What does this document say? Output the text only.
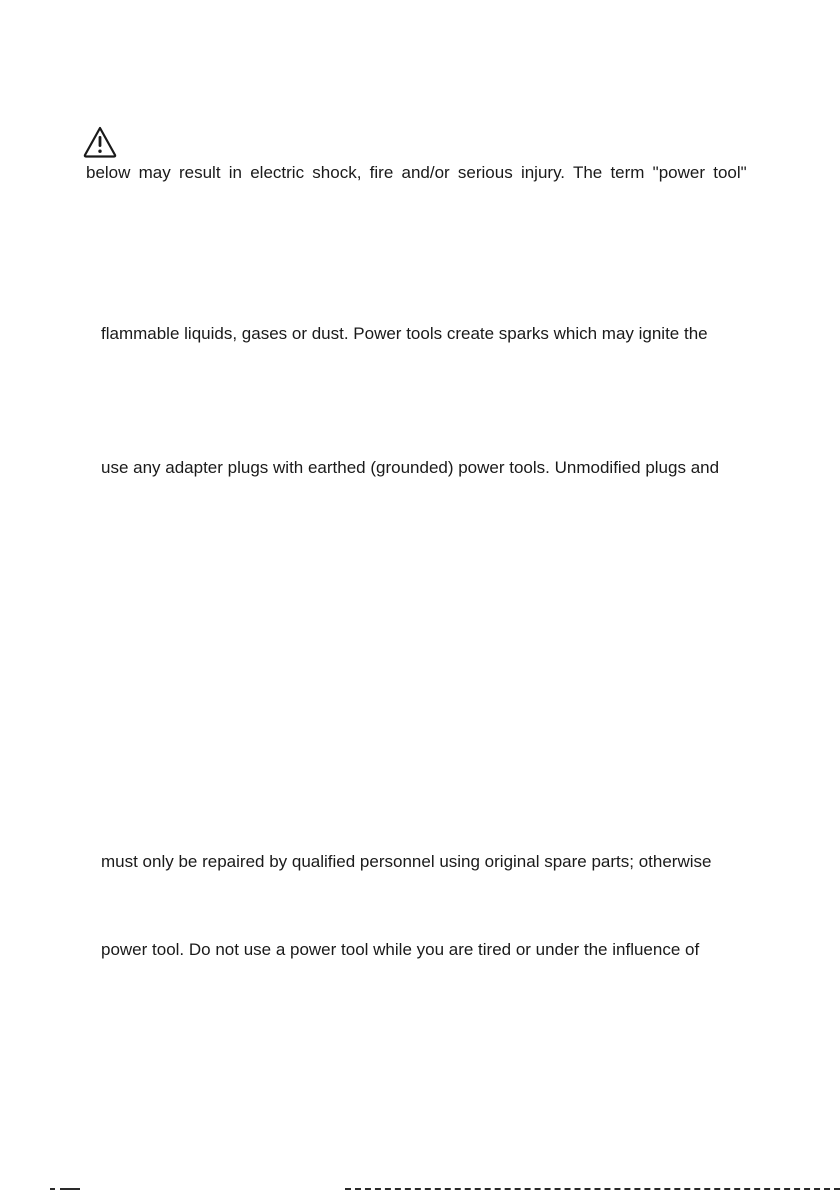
below may result in electric shock, fire and/or serious injury. The term "power tool"
flammable liquids, gases or dust. Power tools create sparks which may ignite the
use any adapter plugs with earthed (grounded) power tools. Unmodified plugs and
must only be repaired by qualified personnel using original spare parts; otherwise
power tool. Do not use a power tool while you are tired or under the influence of
